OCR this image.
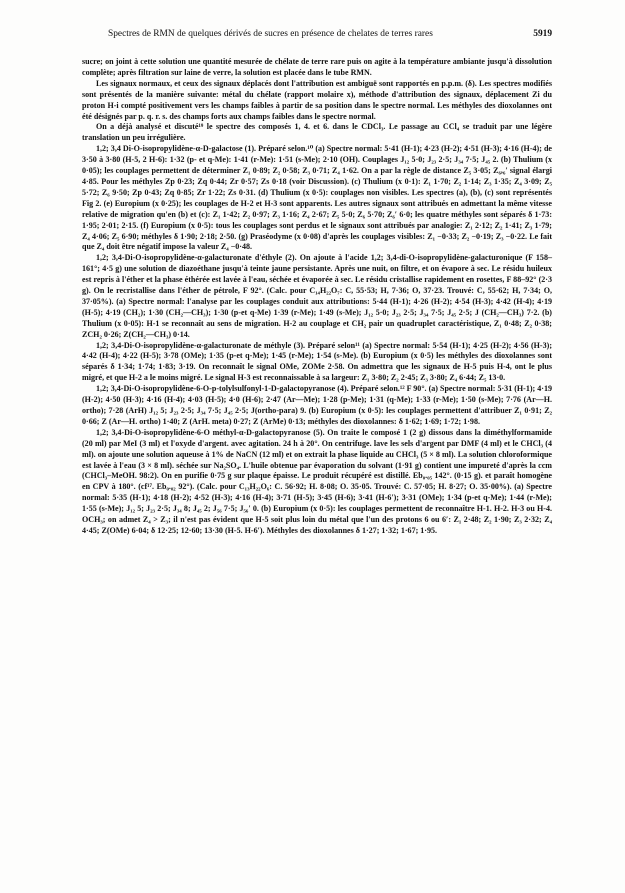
Spectres de RMN de quelques dérivés de sucres en présence de chelates de terres rares	5919

sucre; on joint à cette solution une quantité mesurée de chélate de terre rare puis on agite à la température ambiante jusqu'à dissolution complète; après filtration sur laine de verre, la solution est placée dans le tube RMN.

Les signaux normaux, et ceux des signaux déplacés dont l'attribution est ambiguë sont rapportés en p.p.m. (δ). Les spectres modifiés sont présentés de la manière suivante: métal du chélate (rapport molaire x), méthode d'attribution des signaux, déplacement Zi du proton H-i compté positivement vers les champs faibles à partir de sa position dans le spectre normal. Les méthyles des dioxolannes ont été désignés par p. q. r. s. des champs forts aux champs faibles dans le spectre normal.

On a déjà analysé et discuté¹⁹ le spectre des composés 1, 4. et 6. dans le CDCl₃. Le passage au CCl₄ se traduit par une légère translation un peu irrégulière.

1,2; 3,4 Di-O-isopropylidène-α-D-galactose (1). Préparé selon.¹⁰ (a) Spectre normal: 5·41 (H-1); 4·23 (H-2); 4·51 (H-3); 4·16 (H-4); de 3·50 à 3·80 (H-5, 2 H-6): 1·32 (p- et q-Me): 1·41 (r-Me): 1·51 (s-Me); 2·10 (OH). Couplages J₁₂ 5·0; J₂₃ 2·5; J₃₄ 7·5; J₄₅ 2. (b) Thulium (x 0·05); les couplages permettent de déterminer Z₁ 0·89; Z₂ 0·58; Z₃ 0·71; Z₄ 1·62. On a par la règle de distance Z₅ 3·05; Z₆,₆′ signal élargi 4·85. Pour les méthyles Zp 0·23; Zq 0·44; Zr 0·57; Zs 0·18 (voir Discussion). (c) Thulium (x 0·1): Z₁ 1·70; Z₂ 1·14; Z₃ 1·35; Z₄ 3·09; Z₅ 5·72; Z₆ 9·50; Zp 0·43; Zq 0·85; Zr 1·22; Zs 0·31. (d) Thulium (x 0·5): couplages non visibles. Les spectres (a), (b), (c) sont représentés Fig 2. (e) Europium (x 0·25); les couplages de H-2 et H-3 sont apparents. Les autres signaux sont attribués en admettant la même vitesse relative de migration qu'en (b) et (c): Z₁ 1·42; Z₂ 0·97; Z₃ 1·16; Z₄ 2·67; Z₅ 5·0; Z₆ 5·70; Z₆′ 6·0; les quatre méthyles sont séparés δ 1·73: 1·95; 2·01; 2·15. (f) Europium (x 0·5): tous les couplages sont perdus et le signaux sont attribués par analogie: Z₁ 2·12; Z₂ 1·41; Z₃ 1·79; Z₄ 4·06; Z₅ 6·90; méthyles δ 1·90; 2·18; 2·50. (g) Praséodyme (x 0·08) d'après les couplages visibles: Z₁ −0·33; Z₂ −0·19; Z₃ −0·22. Le fait que Z₄ doit être négatif impose la valeur Z₄ −0·48.

1,2; 3,4-Di-O-isopropylidène-α-galacturonate d'éthyle (2). On ajoute à l'acide 1,2; 3,4-di-O-isopropylidène-galacturonique (F 158–161°; 4·5 g) une solution de diazoéthane jusqu'à teinte jaune persistante. Après une nuit, on filtre, et on évapore à sec. Le résidu huileux est repris à l'éther et la phase éthérée est lavée à l'eau, séchée et évaporée à sec. Le résidu cristallise rapidement en rosettes, F 88–92° (2·3 g). On le recristallise dans l'éther de pétrole, F 92°. (Calc. pour C₁₄H₂₂O₇: C, 55·53; H, 7·36; O, 37·23. Trouvé: C, 55·62; H, 7·34; O, 37·05%). (a) Spectre normal: l'analyse par les couplages conduit aux attributions: 5·44 (H-1); 4·26 (H-2); 4·54 (H-3); 4·42 (H-4); 4·19 (H-5); 4·19 (CH₂); 1·30 (CH₂—CH₃); 1·30 (p-et q-Me) 1·39 (r-Me); 1·49 (s-Me); J₁₂ 5·0; J₂₃ 2·5; J₃₄ 7·5; J₄₅ 2·5; J (CH₂—CH₃) 7·2. (b) Thulium (x 0·05): H-1 se reconnaît au sens de migration. H-2 au couplage et CH₂ pair un quadruplet caractéristique, Z₁ 0·48; Z₂ 0·38; ZCH₂ 0·26; Z(CH₂—CH₃) 0·14.

1,2; 3,4-Di-O-isopropylidène-α-galacturonate de méthyle (3). Préparé selon¹¹ (a) Spectre normal: 5·54 (H-1); 4·25 (H-2); 4·56 (H-3); 4·42 (H-4); 4·22 (H-5); 3·78 (OMe); 1·35 (p-et q-Me); 1·45 (r-Me); 1·54 (s-Me). (b) Europium (x 0·5) les méthyles des dioxolannes sont séparés δ 1·34; 1·74; 1·83; 3·19. On reconnaît le signal OMe, ZOMe 2·58. On admettra que les signaux de H-5 puis H-4, ont le plus migré, et que H-2 a le moins migré. Le signal H-3 est reconnaissable à sa largeur: Z₁ 3·80; Z₂ 2·45; Z₃ 3·80; Z₄ 6·44; Z₅ 13·0.

1,2; 3,4-Di-O-isopropylidène-6-O-p-tolylsulfonyl-1-D-galactopyranose (4). Préparé selon.¹² F 90°. (a) Spectre normal: 5·31 (H-1); 4·19 (H-2); 4·50 (H-3); 4·16 (H-4); 4·03 (H-5); 4·0 (H-6); 2·47 (Ar—Me); 1·28 (p-Me); 1·31 (q-Me); 1·33 (r-Me); 1·50 (s-Me); 7·76 (Ar—H. ortho); 7·28 (ArH) J₁₂ 5; J₂₃ 2·5; J₃₄ 7·5; J₄₅ 2·5; J(ortho-para) 9. (b) Europium (x 0·5): les couplages permettent d'attribuer Z₁ 0·91; Z₂ 0·66; Z (Ar—H. ortho) 1·40; Z (ArH. meta) 0·27; Z (ArMe) 0·13; méthyles des dioxolannes: δ 1·62; 1·69; 1·72; 1·98.

1,2; 3,4-Di-O-isopropylidène-6-O méthyl-α-D-galactopyranose (5). On traite le composé 1 (2 g) dissous dans la diméthylformamide (20 ml) par MeI (3 ml) et l'oxyde d'argent. avec agitation. 24 h à 20°. On centrifuge. lave les sels d'argent par DMF (4 ml) et le CHCl₃ (4 ml). on ajoute une solution aqueuse à 1% de NaCN (12 ml) et on extrait la phase liquide au CHCl₃ (5 × 8 ml). La solution chloroformique est lavée à l'eau (3 × 8 ml). séchée sur Na₂SO₄. L'huile obtenue par évaporation du solvant (1·91 g) contient une impureté d'après la ccm (CHCl₃–MeOH. 98:2). On en purifie 0·75 g sur plaque épaisse. Le produit récupéré est distillé. Eb₀.₀₅ 142°. (0·15 g). et paraît homogène en CPV à 180°. (cf¹⁷. Eb₀.₀₂ 92°). (Calc. pour C₁₃H₂₂O₆: C. 56·92; H. 8·08; O. 35·05. Trouvé: C. 57·05; H. 8·27; O. 35·00%). (a) Spectre normal: 5·35 (H-1); 4·18 (H-2); 4·52 (H-3); 4·16 (H-4); 3·71 (H-5); 3·45 (H-6); 3·41 (H-6′); 3·31 (OMe); 1·34 (p-et q-Me); 1·44 (r-Me); 1·55 (s-Me); J₁₂ 5; J₂₃ 2·5; J₃₄ 8; J₄₅ 2; J₅₆ 7·5; J₅₆′ 0. (b) Europium (x 0·5): les couplages permettent de reconnaître H-1. H-2. H-3 ou H-4. OCH₃; on admet Z₄ > Z₃; il n'est pas évident que H-5 soit plus loin du métal que l'un des protons 6 ou 6′: Z₁ 2·48; Z₂ 1·90; Z₃ 2·32; Z₄ 4·45; Z(OMe) 6·04; δ 12·25; 12·60; 13·30 (H-5. H-6′). Méthyles des dioxolannes δ 1·27; 1·32; 1·67; 1·95.
